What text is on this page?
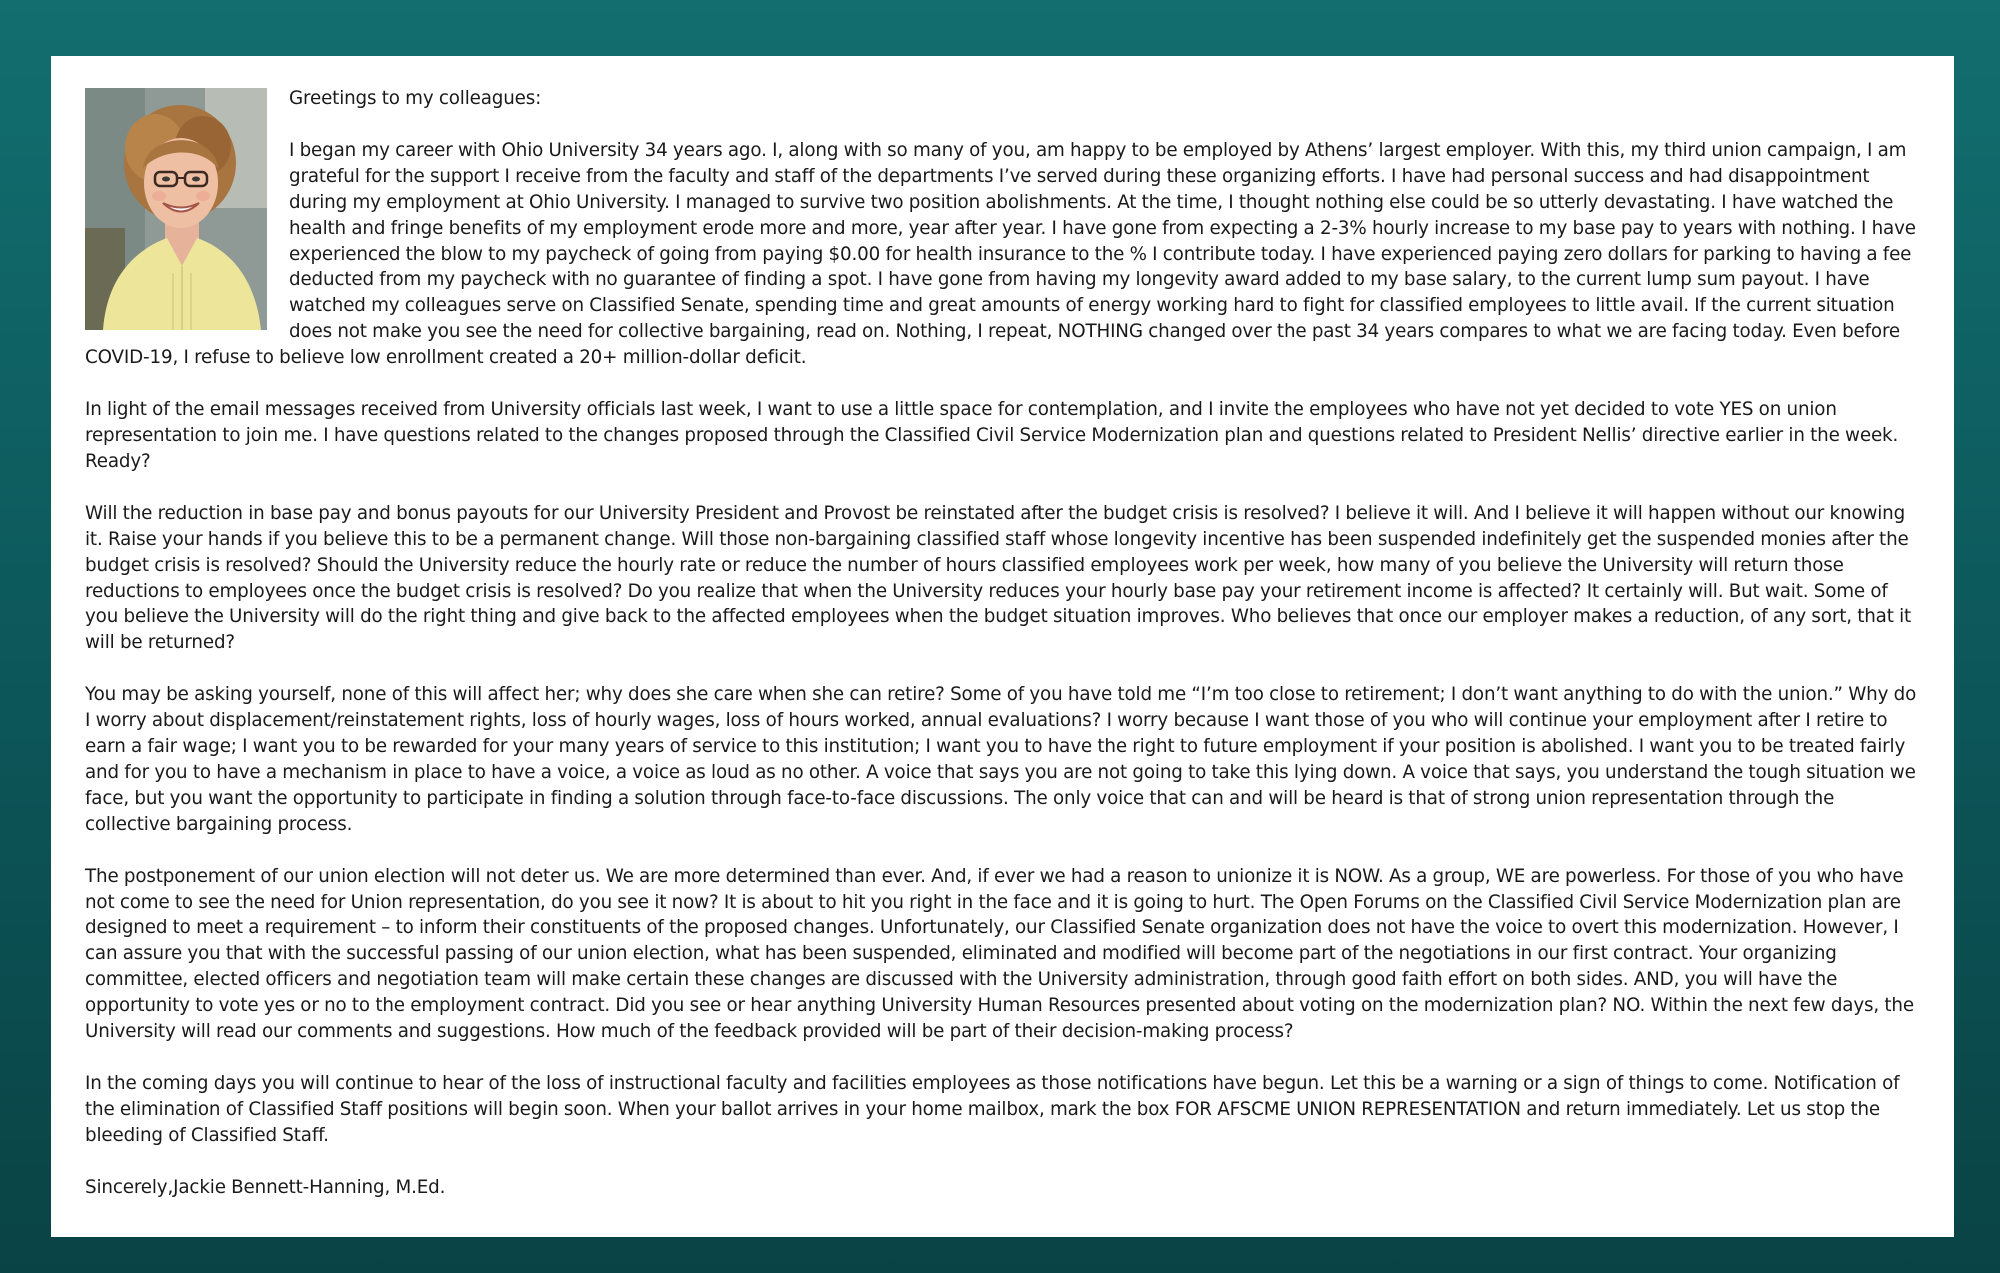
Greetings to my colleagues:

I began my career with Ohio University 34 years ago. I, along with so many of you, am happy to be employed by Athens’ largest employer. With this, my third union campaign, I am grateful for the support I receive from the faculty and staff of the departments I’ve served during these organizing efforts. I have had personal success and had disappointment during my employment at Ohio University. I managed to survive two position abolishments. At the time, I thought nothing else could be so utterly devastating. I have watched the health and fringe benefits of my employment erode more and more, year after year. I have gone from expecting a 2-3% hourly increase to my base pay to years with nothing. I have experienced the blow to my paycheck of going from paying $0.00 for health insurance to the % I contribute today. I have experienced paying zero dollars for parking to having a fee deducted from my paycheck with no guarantee of finding a spot. I have gone from having my longevity award added to my base salary, to the current lump sum payout. I have watched my colleagues serve on Classified Senate, spending time and great amounts of energy working hard to fight for classified employees to little avail. If the current situation does not make you see the need for collective bargaining, read on. Nothing, I repeat, NOTHING changed over the past 34 years compares to what we are facing today. Even before COVID-19, I refuse to believe low enrollment created a 20+ million-dollar deficit.

In light of the email messages received from University officials last week, I want to use a little space for contemplation, and I invite the employees who have not yet decided to vote YES on union representation to join me. I have questions related to the changes proposed through the Classified Civil Service Modernization plan and questions related to President Nellis’ directive earlier in the week. Ready?

Will the reduction in base pay and bonus payouts for our University President and Provost be reinstated after the budget crisis is resolved? I believe it will. And I believe it will happen without our knowing it. Raise your hands if you believe this to be a permanent change. Will those non-bargaining classified staff whose longevity incentive has been suspended indefinitely get the suspended monies after the budget crisis is resolved? Should the University reduce the hourly rate or reduce the number of hours classified employees work per week, how many of you believe the University will return those reductions to employees once the budget crisis is resolved? Do you realize that when the University reduces your hourly base pay your retirement income is affected? It certainly will. But wait. Some of you believe the University will do the right thing and give back to the affected employees when the budget situation improves. Who believes that once our employer makes a reduction, of any sort, that it will be returned?

You may be asking yourself, none of this will affect her; why does she care when she can retire? Some of you have told me “I’m too close to retirement; I don’t want anything to do with the union.” Why do I worry about displacement/reinstatement rights, loss of hourly wages, loss of hours worked, annual evaluations? I worry because I want those of you who will continue your employment after I retire to earn a fair wage; I want you to be rewarded for your many years of service to this institution; I want you to have the right to future employment if your position is abolished. I want you to be treated fairly and for you to have a mechanism in place to have a voice, a voice as loud as no other. A voice that says you are not going to take this lying down. A voice that says, you understand the tough situation we face, but you want the opportunity to participate in finding a solution through face-to-face discussions. The only voice that can and will be heard is that of strong union representation through the collective bargaining process.

The postponement of our union election will not deter us. We are more determined than ever. And, if ever we had a reason to unionize it is NOW. As a group, WE are powerless. For those of you who have not come to see the need for Union representation, do you see it now? It is about to hit you right in the face and it is going to hurt. The Open Forums on the Classified Civil Service Modernization plan are designed to meet a requirement – to inform their constituents of the proposed changes. Unfortunately, our Classified Senate organization does not have the voice to overt this modernization. However, I can assure you that with the successful passing of our union election, what has been suspended, eliminated and modified will become part of the negotiations in our first contract. Your organizing committee, elected officers and negotiation team will make certain these changes are discussed with the University administration, through good faith effort on both sides. AND, you will have the opportunity to vote yes or no to the employment contract. Did you see or hear anything University Human Resources presented about voting on the modernization plan? NO. Within the next few days, the University will read our comments and suggestions. How much of the feedback provided will be part of their decision-making process?

In the coming days you will continue to hear of the loss of instructional faculty and facilities employees as those notifications have begun. Let this be a warning or a sign of things to come. Notification of the elimination of Classified Staff positions will begin soon. When your ballot arrives in your home mailbox, mark the box FOR AFSCME UNION REPRESENTATION and return immediately. Let us stop the bleeding of Classified Staff.

Sincerely,Jackie Bennett-Hanning, M.Ed.
